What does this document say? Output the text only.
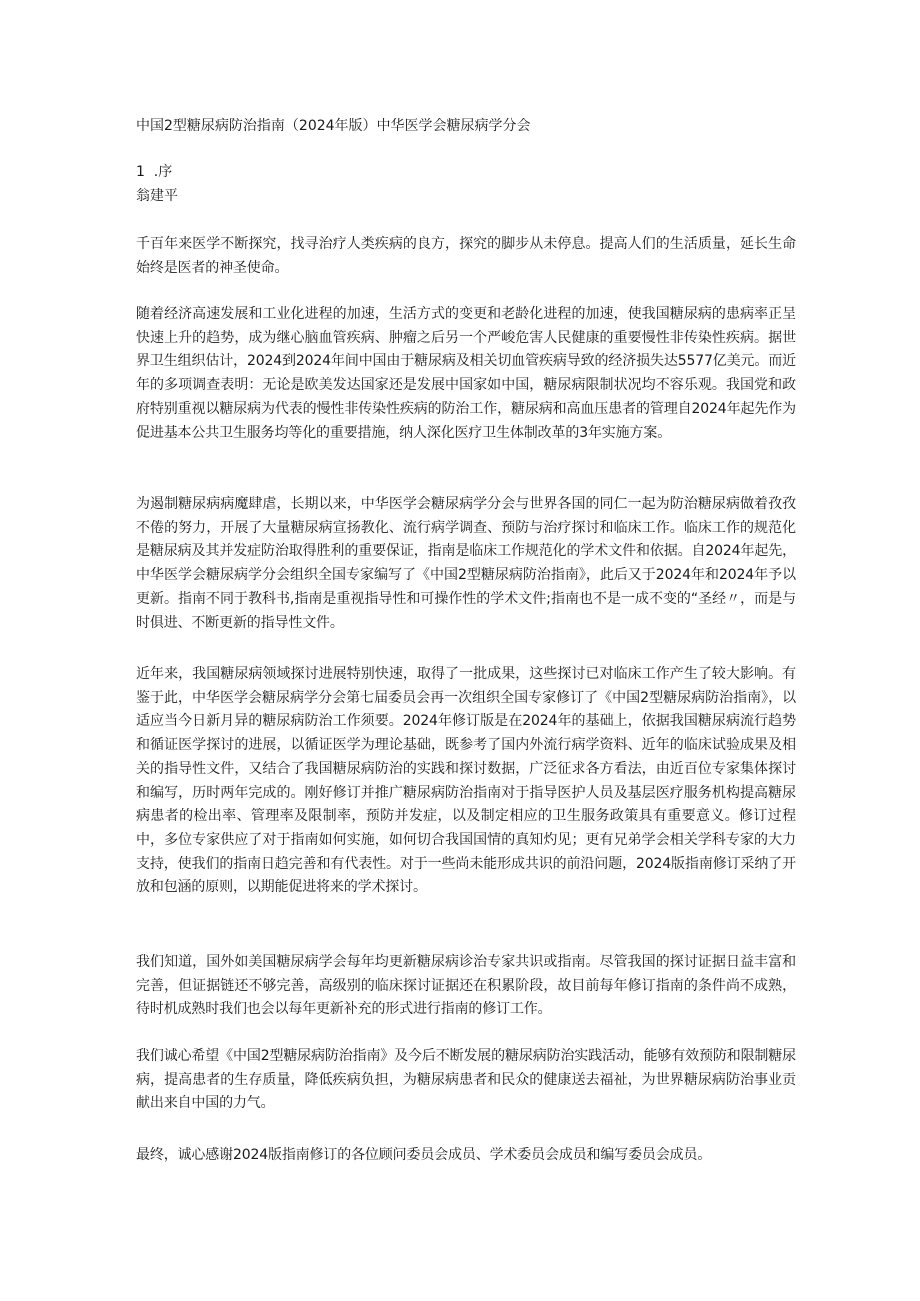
中国2型糖尿病防治指南（2024年版）中华医学会糖尿病学分会
1  .序
翁建平

千百年来医学不断探究，找寻治疗人类疾病的良方，探究的脚步从未停息。提高人们的生活质量，延长生命始终是医者的神圣使命。

随着经济高速发展和工业化进程的加速，生活方式的变更和老龄化进程的加速，使我国糖尿病的患病率正呈快速上升的趋势，成为继心脑血管疾病、肿瘤之后另一个严峻危害人民健康的重要慢性非传染性疾病。据世界卫生组织估计，2024到2024年间中国由于糖尿病及相关切血管疾病导致的经济损失达5577亿美元。而近年的多项调查表明：无论是欧美发达国家还是发展中国家如中国，糖尿病限制状况均不容乐观。我国党和政府特别重视以糖尿病为代表的慢性非传染性疾病的防治工作，糖尿病和高血压患者的管理自2024年起先作为促进基本公共卫生服务均等化的重要措施，纳人深化医疗卫生体制改革的3年实施方案。

为遏制糖尿病病魔肆虐，长期以来，中华医学会糖尿病学分会与世界各国的同仁一起为防治糖尿病做着孜孜不倦的努力，开展了大量糖尿病宣扬教化、流行病学调查、预防与治疗探讨和临床工作。临床工作的规范化是糖尿病及其并发症防治取得胜利的重要保证，指南是临床工作规范化的学术文件和依据。自2024年起先，中华医学会糖尿病学分会组织全国专家编写了《中国2型糖尿病防治指南》，此后又于2024年和2024年予以更新。指南不同于教科书,指南是重视指导性和可操作性的学术文件;指南也不是一成不变的“圣经〃，而是与时俱进、不断更新的指导性文件。

近年来，我国糖尿病领域探讨进展特别快速，取得了一批成果，这些探讨已对临床工作产生了较大影响。有鉴于此，中华医学会糖尿病学分会第七届委员会再一次组织全国专家修订了《中国2型糖尿病防治指南》，以适应当今日新月异的糖尿病防治工作须要。2024年修订版是在2024年的基础上，依据我国糖尿病流行趋势和循证医学探讨的进展，以循证医学为理论基础，既参考了国内外流行病学资料、近年的临床试验成果及相关的指导性文件，又结合了我国糖尿病防治的实践和探讨数据，广泛征求各方看法，由近百位专家集体探讨和编写，历时两年完成的。刚好修订并推广糖尿病防治指南对于指导医护人员及基层医疗服务机构提高糖尿病患者的检出率、管理率及限制率，预防并发症，以及制定相应的卫生服务政策具有重要意义。修订过程中，多位专家供应了对于指南如何实施，如何切合我国国情的真知灼见；更有兄弟学会相关学科专家的大力支持，使我们的指南日趋完善和有代表性。对于一些尚未能形成共识的前沿问题，2024版指南修订采纳了开放和包涵的原则，以期能促进将来的学术探讨。

我们知道，国外如美国糖尿病学会每年均更新糖尿病诊治专家共识或指南。尽管我国的探讨证据日益丰富和完善，但证据链还不够完善，高级别的临床探讨证据还在积累阶段，故目前每年修订指南的条件尚不成熟，待时机成熟时我们也会以每年更新补充的形式进行指南的修订工作。

我们诚心希望《中国2型糖尿病防治指南》及今后不断发展的糖尿病防治实践活动，能够有效预防和限制糖尿病，提高患者的生存质量，降低疾病负担，为糖尿病患者和民众的健康送去福祉，为世界糖尿病防治事业贡献出来自中国的力气。

最终，诚心感谢2024版指南修订的各位顾问委员会成员、学术委员会成员和编写委员会成员。
